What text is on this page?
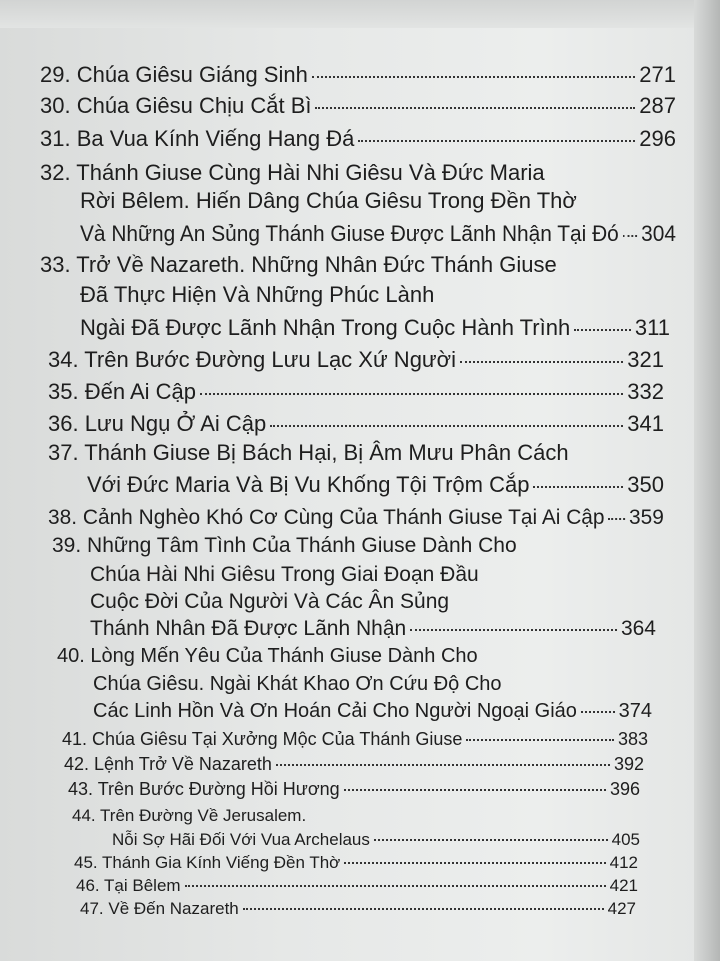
29. Chúa Giêsu Giáng Sinh	271
30. Chúa Giêsu Chịu Cắt Bì	287
31. Ba Vua Kính Viếng Hang Đá	296
32. Thánh Giuse Cùng Hài Nhi Giêsu Và Đức Maria
Rời Bêlem. Hiến Dâng Chúa Giêsu Trong Đền Thờ
Và Những An Sủng Thánh Giuse Được Lãnh Nhận Tại Đó 304
33. Trở Về Nazareth. Những Nhân Đức Thánh Giuse
Đã Thực Hiện Và Những Phúc Lành
Ngài Đã Được Lãnh Nhận Trong Cuộc Hành Trình	311
34. Trên Bước Đường Lưu Lạc Xứ Người	321
35. Đến Ai Cập	332
36. Lưu Ngụ Ở Ai Cập	341
37. Thánh Giuse Bị Bách Hại, Bị Âm Mưu Phân Cách
Với Đức Maria Và Bị Vu Khống Tội Trộm Cắp	350
38. Cảnh Nghèo Khó Cơ Cùng Của Thánh Giuse Tại Ai Cập 359
39. Những Tâm Tình Của Thánh Giuse Dành Cho
Chúa Hài Nhi Giêsu Trong Giai Đoạn Đầu
Cuộc Đời Của Người Và Các Ân Sủng
Thánh Nhân Đã Được Lãnh Nhận	364
40. Lòng Mến Yêu Của Thánh Giuse Dành Cho
Chúa Giêsu. Ngài Khát Khao Ơn Cứu Độ Cho
Các Linh Hồn Và Ơn Hoán Cải Cho Người Ngoại Giáo 374
41. Chúa Giêsu Tại Xưởng Mộc Của Thánh Giuse	383
42. Lệnh Trở Về Nazareth	392
43. Trên Bước Đường Hồi Hương	396
44. Trên Đường Về Jerusalem.
Nỗi Sợ Hãi Đối Với Vua Archelaus	405
45. Thánh Gia Kính Viếng Đền Thờ	412
46. Tại Bêlem	421
47. Về Đến Nazareth	427
